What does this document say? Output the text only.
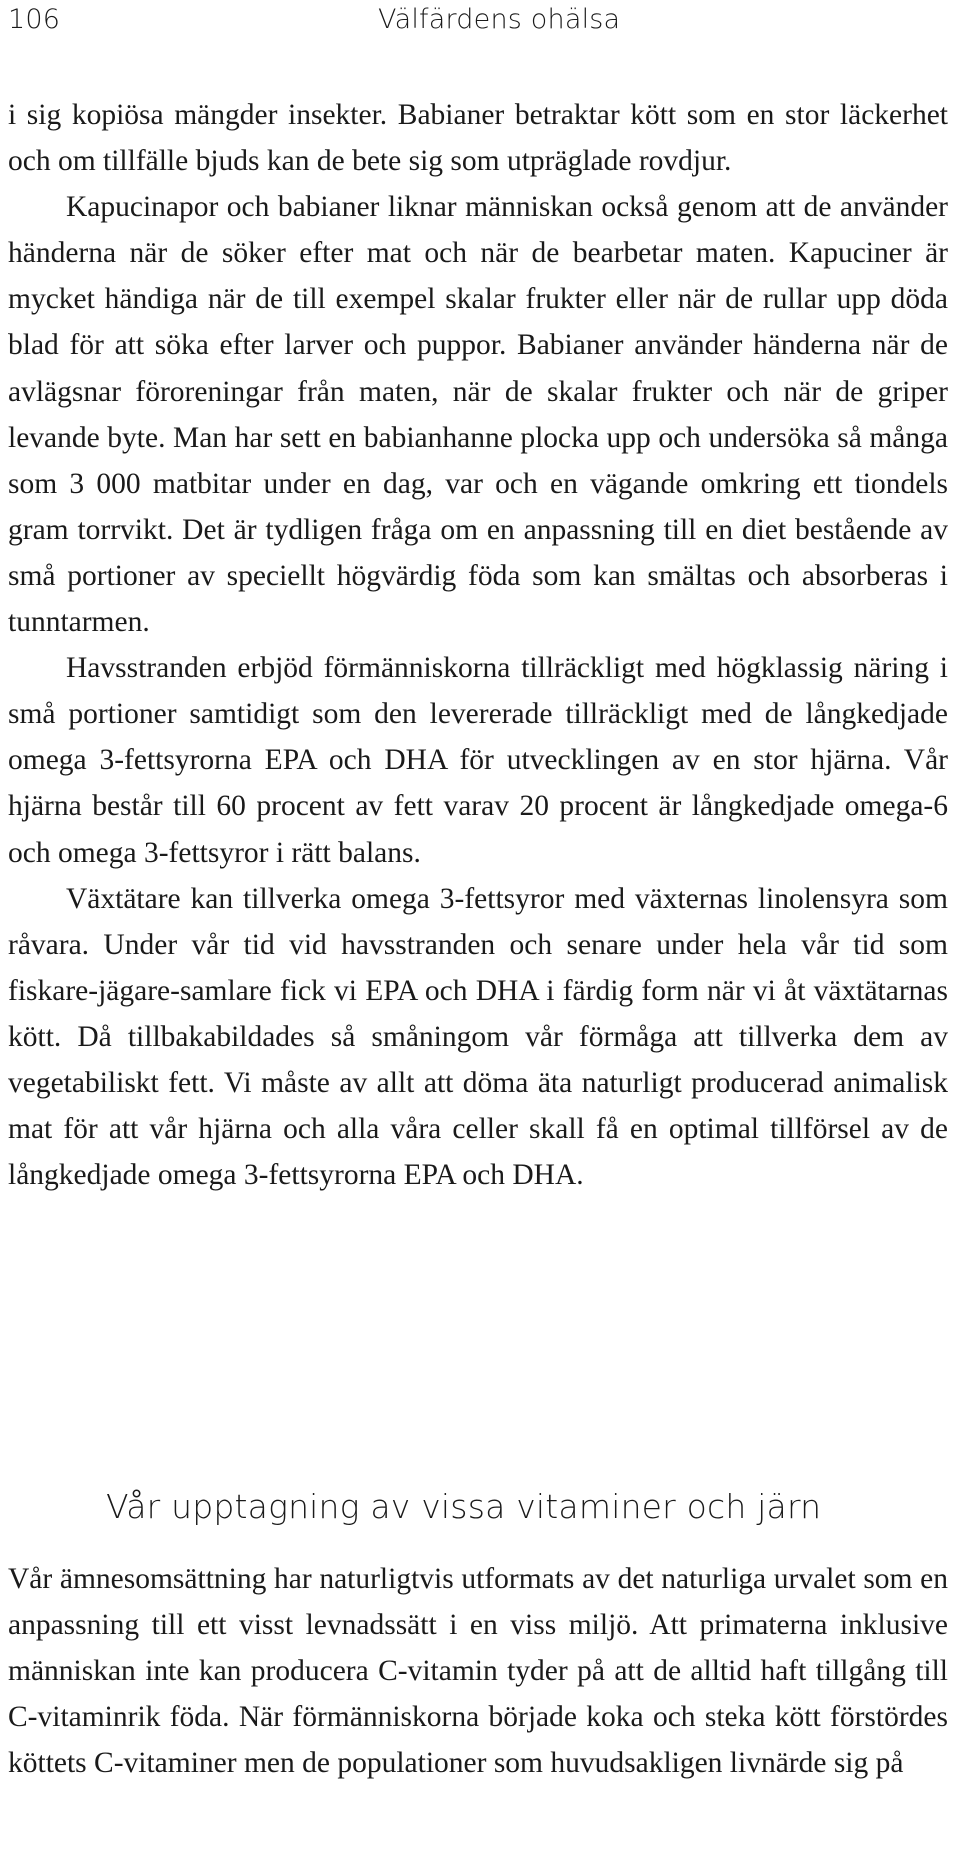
106	Välfärdens ohälsa

i sig kopiösa mängder insekter. Babianer betraktar kött som en stor läckerhet och om tillfälle bjuds kan de bete sig som utpräglade rovdjur.

Kapucinapor och babianer liknar människan också genom att de använder händerna när de söker efter mat och när de bearbetar maten. Kapuciner är mycket händiga när de till exempel skalar frukter eller när de rullar upp döda blad för att söka efter larver och puppor. Babianer använder händerna när de avlägsnar föroreningar från maten, när de skalar frukter och när de griper levande byte. Man har sett en babianhanne plocka upp och undersöka så många som 3 000 matbitar under en dag, var och en vägande omkring ett tiondels gram torrvikt. Det är tydligen fråga om en anpassning till en diet bestående av små portioner av speciellt högvärdig föda som kan smältas och absorberas i tunntarmen.

Havsstranden erbjöd förmänniskorna tillräckligt med högklassig näring i små portioner samtidigt som den levererade tillräckligt med de långkedjade omega 3-fettsyrorna EPA och DHA för utvecklingen av en stor hjärna. Vår hjärna består till 60 procent av fett varav 20 procent är långkedjade omega-6 och omega 3-fettsyror i rätt balans.

Växtätare kan tillverka omega 3-fettsyror med växternas linolensyra som råvara. Under vår tid vid havsstranden och senare under hela vår tid som fiskare-jägare-samlare fick vi EPA och DHA i färdig form när vi åt växtätarnas kött. Då tillbakabildades så småningom vår förmåga att tillverka dem av vegetabiliskt fett. Vi måste av allt att döma äta naturligt producerad animalisk mat för att vår hjärna och alla våra celler skall få en optimal tillförsel av de långkedjade omega 3-fettsyrorna EPA och DHA.

Vår upptagning av vissa vitaminer och järn

Vår ämnesomsättning har naturligtvis utformats av det naturliga urvalet som en anpassning till ett visst levnadssätt i en viss miljö. Att primaterna inklusive människan inte kan producera C-vitamin tyder på att de alltid haft tillgång till C-vitaminrik föda. När förmänniskorna började koka och steka kött förstördes köttets C-vitaminer men de populationer som huvudsakligen livnärde sig på
